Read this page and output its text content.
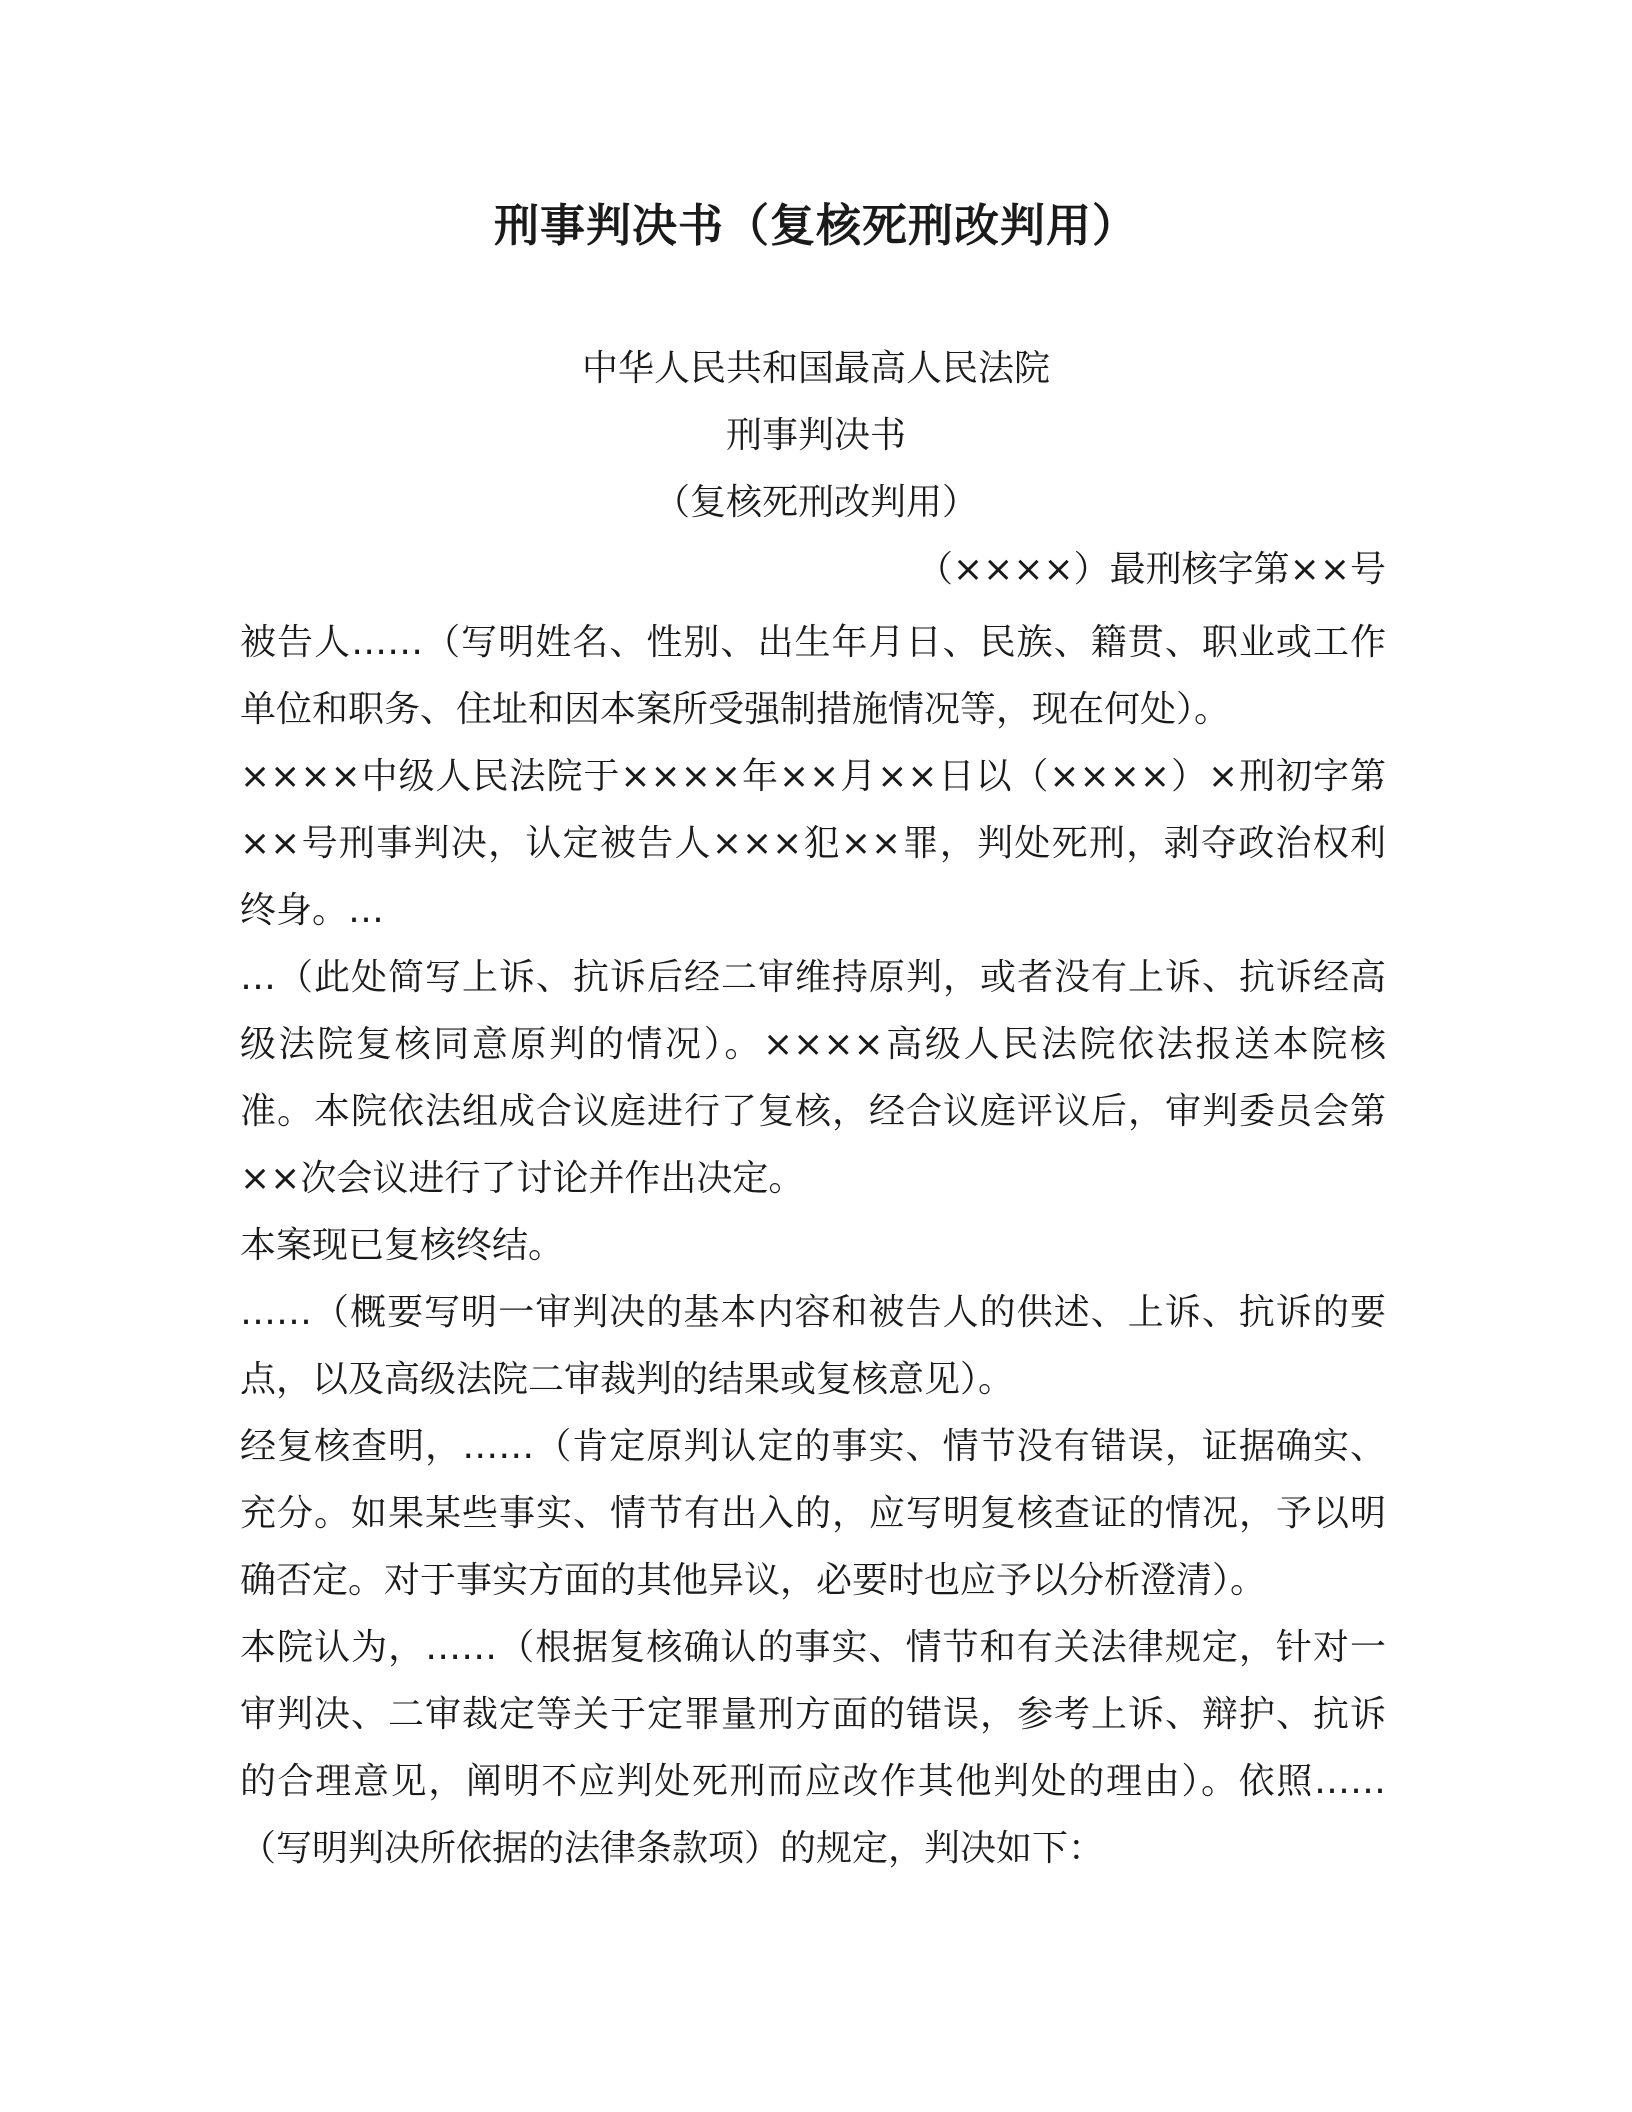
刑事判决书（复核死刑改判用）

中华人民共和国最高人民法院

刑事判决书

（复核死刑改判用）

（××××）最刑核字第××号

被告人……（写明姓名、性别、出生年月日、民族、籍贯、职业或工作单位和职务、住址和因本案所受强制措施情况等，现在何处）。

××××中级人民法院于××××年××月××日以（××××）×刑初字第××号刑事判决，认定被告人×××犯××罪，判处死刑，剥夺政治权利终身。…

…（此处简写上诉、抗诉后经二审维持原判，或者没有上诉、抗诉经高级法院复核同意原判的情况）。××××高级人民法院依法报送本院核准。本院依法组成合议庭进行了复核，经合议庭评议后，审判委员会第××次会议进行了讨论并作出决定。

本案现已复核终结。

……（概要写明一审判决的基本内容和被告人的供述、上诉、抗诉的要点，以及高级法院二审裁判的结果或复核意见）。

经复核查明，……（肯定原判认定的事实、情节没有错误，证据确实、充分。如果某些事实、情节有出入的，应写明复核查证的情况，予以明确否定。对于事实方面的其他异议，必要时也应予以分析澄清）。

本院认为，……（根据复核确认的事实、情节和有关法律规定，针对一审判决、二审裁定等关于定罪量刑方面的错误，参考上诉、辩护、抗诉的合理意见，阐明不应判处死刑而应改作其他判处的理由）。依照……（写明判决所依据的法律条款项）的规定，判决如下：
